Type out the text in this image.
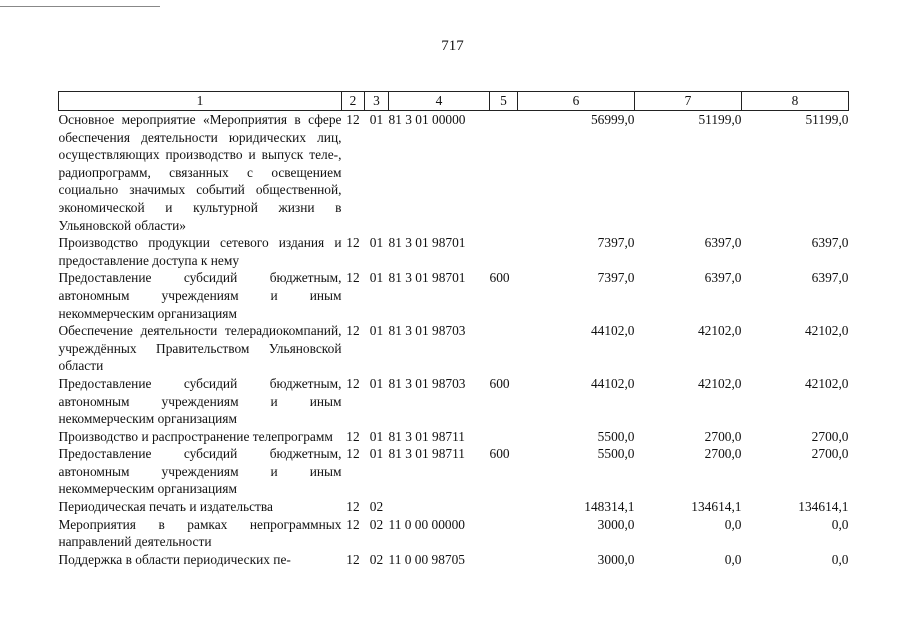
717
1	2	3	4	5	6	7	8
Основное мероприятие «Мероприятия в сфере обеспечения деятельности юридических лиц, осуществляющих производство и выпуск теле-, радиопрограмм, связанных с освещением социально значимых событий общественной, экономической и культурной жизни в Ульяновской области»	12	01	81 3 01 00000		56999,0	51199,0	51199,0
Производство продукции сетевого издания и предоставление доступа к нему	12	01	81 3 01 98701		7397,0	6397,0	6397,0
Предоставление субсидий бюджетным, автономным учреждениям и иным некоммерческим организациям	12	01	81 3 01 98701	600	7397,0	6397,0	6397,0
Обеспечение деятельности телерадиокомпаний, учреждённых Правительством Ульяновской области	12	01	81 3 01 98703		44102,0	42102,0	42102,0
Предоставление субсидий бюджетным, автономным учреждениям и иным некоммерческим организациям	12	01	81 3 01 98703	600	44102,0	42102,0	42102,0
Производство и распространение телепрограмм	12	01	81 3 01 98711		5500,0	2700,0	2700,0
Предоставление субсидий бюджетным, автономным учреждениям и иным некоммерческим организациям	12	01	81 3 01 98711	600	5500,0	2700,0	2700,0
Периодическая печать и издательства	12	02			148314,1	134614,1	134614,1
Мероприятия в рамках непрограммных направлений деятельности	12	02	11 0 00 00000		3000,0	0,0	0,0
Поддержка в области периодических пе-	12	02	11 0 00 98705		3000,0	0,0	0,0
